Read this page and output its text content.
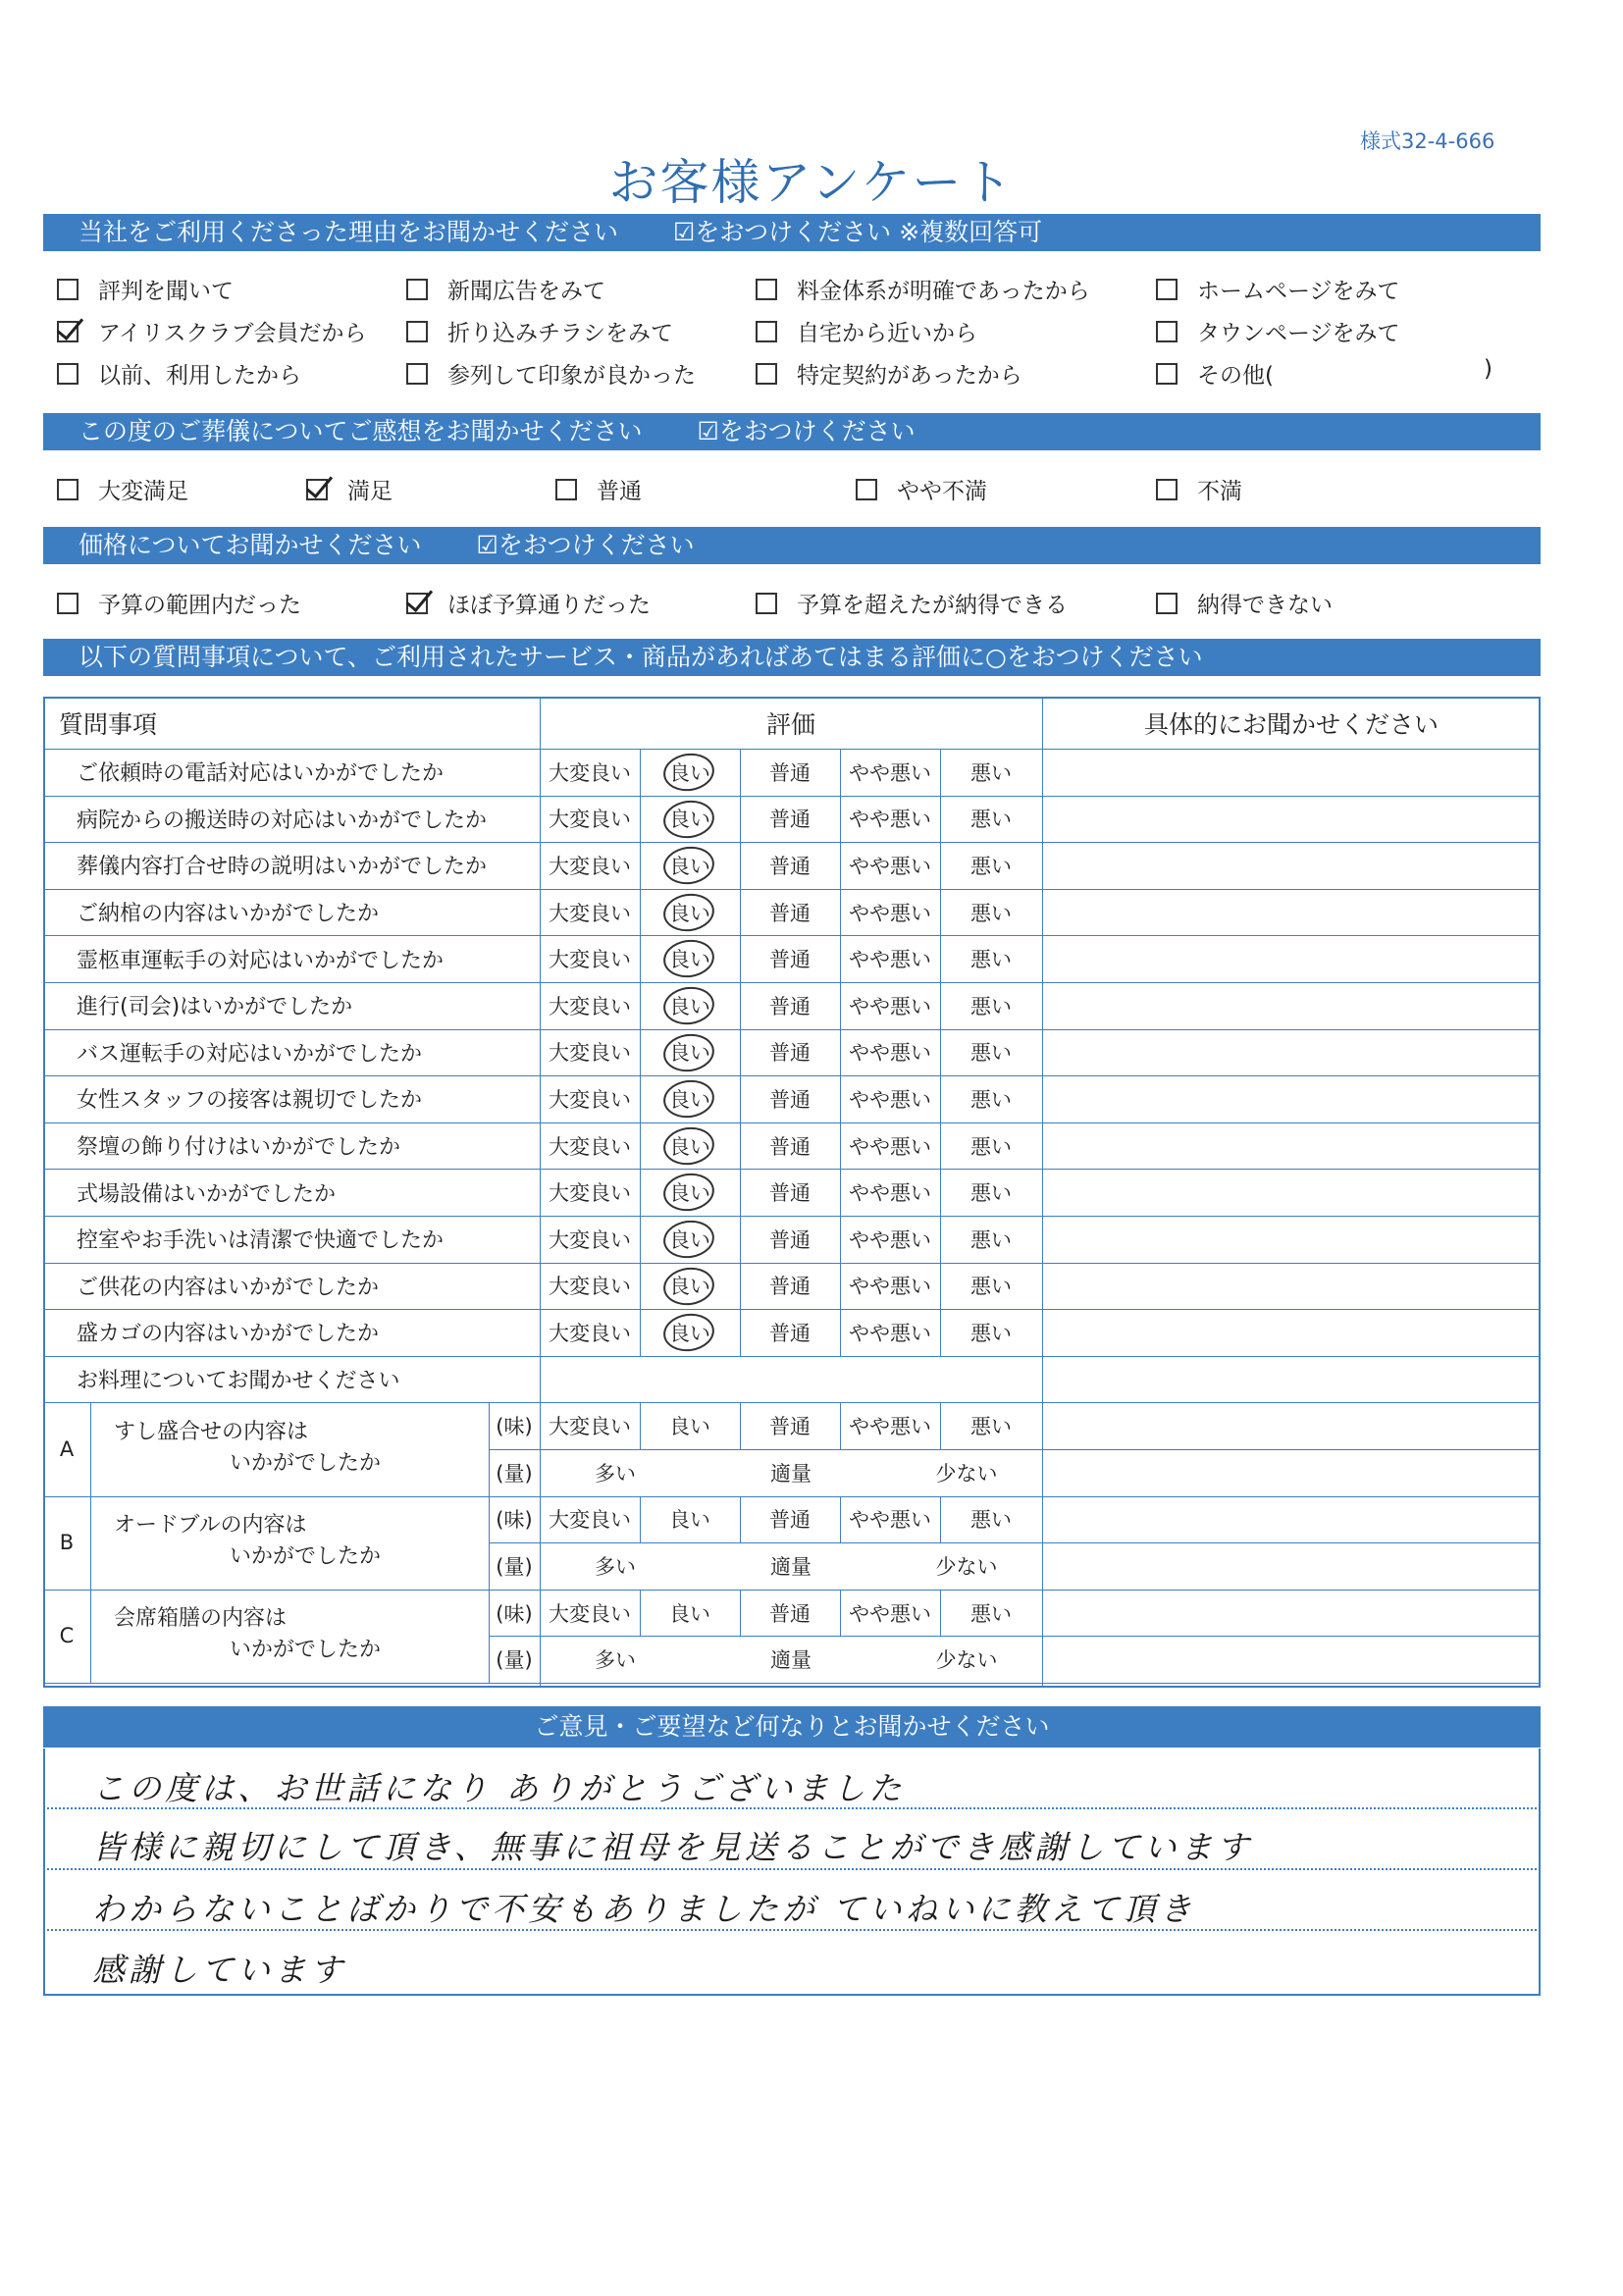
様式32-4-666
お客様アンケート
当社をご利用くださった理由をお聞かせください ☑をおつけください ※複数回答可
評判を聞いて	新聞広告をみて	料金体系が明確であったから	ホームページをみて
アイリスクラブ会員だから	折り込みチラシをみて	自宅から近いから	タウンページをみて
以前、利用したから	参列して印象が良かった	特定契約があったから	その他(	)
この度のご葬儀についてご感想をお聞かせください ☑をおつけください
大変満足	満足	普通	やや不満	不満
価格についてお聞かせください ☑をおつけください
予算の範囲内だった	ほぼ予算通りだった	予算を超えたが納得できる	納得できない
以下の質問事項について、ご利用されたサービス・商品があればあてはまる評価に○をおつけください
質問事項	評価	具体的にお聞かせください
ご依頼時の電話対応はいかがでしたか	大変良い	良い	普通	やや悪い	悪い
病院からの搬送時の対応はいかがでしたか	大変良い	良い	普通	やや悪い	悪い
葬儀内容打合せ時の説明はいかがでしたか	大変良い	良い	普通	やや悪い	悪い
ご納棺の内容はいかがでしたか	大変良い	良い	普通	やや悪い	悪い
霊柩車運転手の対応はいかがでしたか	大変良い	良い	普通	やや悪い	悪い
進行(司会)はいかがでしたか	大変良い	良い	普通	やや悪い	悪い
バス運転手の対応はいかがでしたか	大変良い	良い	普通	やや悪い	悪い
女性スタッフの接客は親切でしたか	大変良い	良い	普通	やや悪い	悪い
祭壇の飾り付けはいかがでしたか	大変良い	良い	普通	やや悪い	悪い
式場設備はいかがでしたか	大変良い	良い	普通	やや悪い	悪い
控室やお手洗いは清潔で快適でしたか	大変良い	良い	普通	やや悪い	悪い
ご供花の内容はいかがでしたか	大変良い	良い	普通	やや悪い	悪い
盛カゴの内容はいかがでしたか	大変良い	良い	普通	やや悪い	悪い
お料理についてお聞かせください
A
すし盛合せの内容は
いかがでしたか
(味) 大変良い	良い	普通	やや悪い	悪い
(量)	多い	適量	少ない
B
オードブルの内容は
いかがでしたか
(味) 大変良い	良い	普通	やや悪い	悪い
(量)	多い	適量	少ない
C
会席箱膳の内容は
いかがでしたか
(味) 大変良い	良い	普通	やや悪い	悪い
(量)	多い	適量	少ない
ご意見・ご要望など何なりとお聞かせください
この度は、お世話になり ありがとうございました
皆様に親切にして頂き、無事に祖母を見送ることができ感謝しています
わからないことばかりで不安もありましたが ていねいに教えて頂き
感謝しています
